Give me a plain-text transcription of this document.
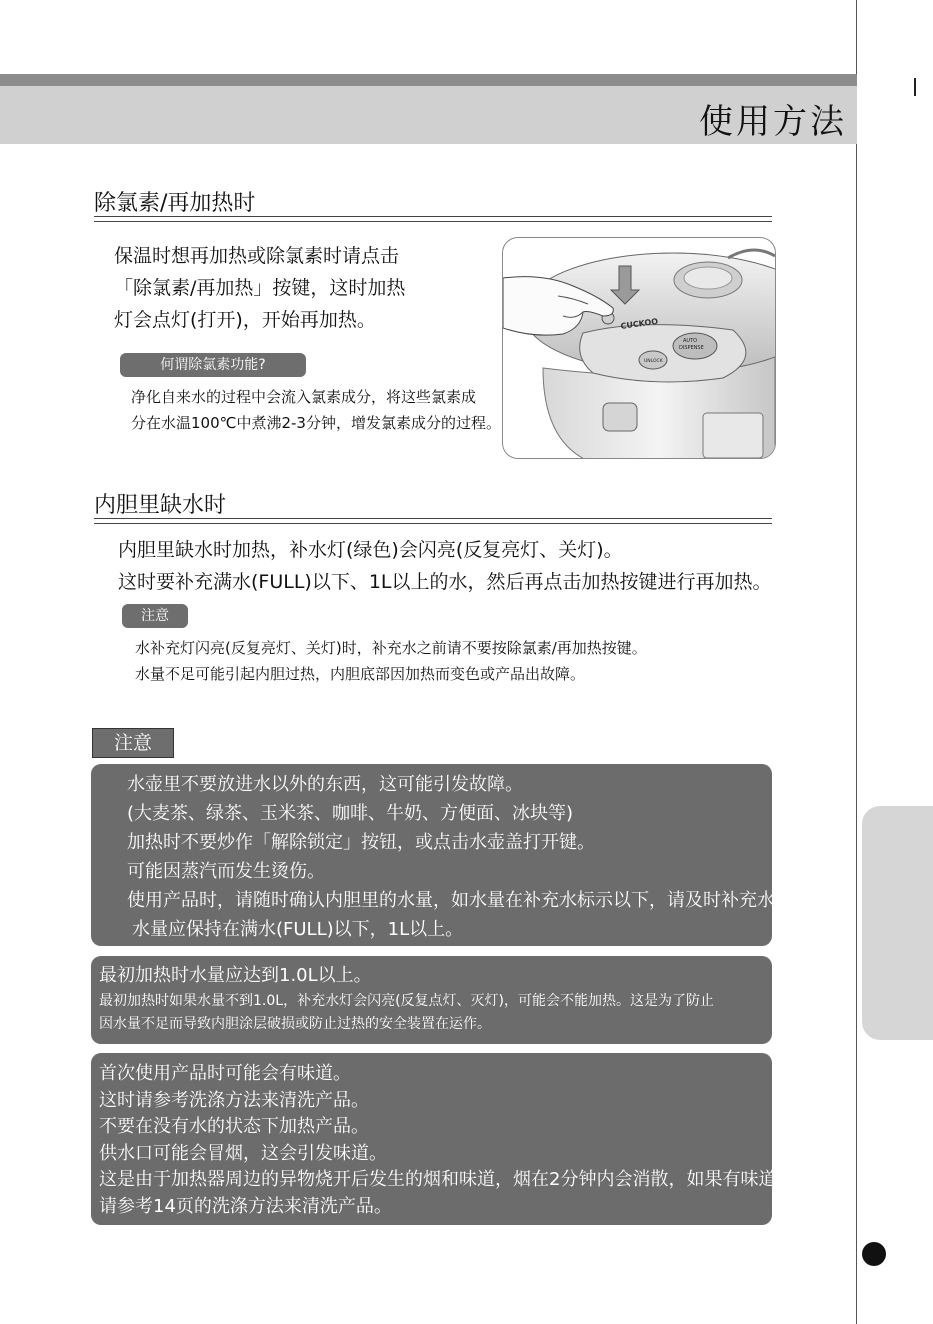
使用方法
除氯素/再加热时
保温时想再加热或除氯素时请点击
「除氯素/再加热」按键，这时加热
灯会点灯(打开)，开始再加热。
何谓除氯素功能?
净化自来水的过程中会流入氯素成分，将这些氯素成
分在水温100℃中煮沸2-3分钟，增发氯素成分的过程。
CUCKOO
AUTO
DISPENSE
UNLOCK
内胆里缺水时
内胆里缺水时加热，补水灯(绿色)会闪亮(反复亮灯、关灯)。
这时要补充满水(FULL)以下、1L以上的水，然后再点击加热按键进行再加热。
注意
水补充灯闪亮(反复亮灯、关灯)时，补充水之前请不要按除氯素/再加热按键。
水量不足可能引起内胆过热，内胆底部因加热而变色或产品出故障。
注意
水壶里不要放进水以外的东西，这可能引发故障。
(大麦茶、绿茶、玉米茶、咖啡、牛奶、方便面、冰块等)
加热时不要炒作「解除锁定」按钮，或点击水壶盖打开键。
可能因蒸汽而发生烫伤。
使用产品时，请随时确认内胆里的水量，如水量在补充水标示以下，请及时补充水。
水量应保持在满水(FULL)以下，1L以上。
最初加热时水量应达到1.0L以上。
最初加热时如果水量不到1.0L，补充水灯会闪亮(反复点灯、灭灯)，可能会不能加热。这是为了防止
因水量不足而导致内胆涂层破损或防止过热的安全装置在运作。
首次使用产品时可能会有味道。
这时请参考洗涤方法来清洗产品。
不要在没有水的状态下加热产品。
供水口可能会冒烟，这会引发味道。
这是由于加热器周边的异物烧开后发生的烟和味道，烟在2分钟内会消散，如果有味道，
请参考14页的洗涤方法来清洗产品。
